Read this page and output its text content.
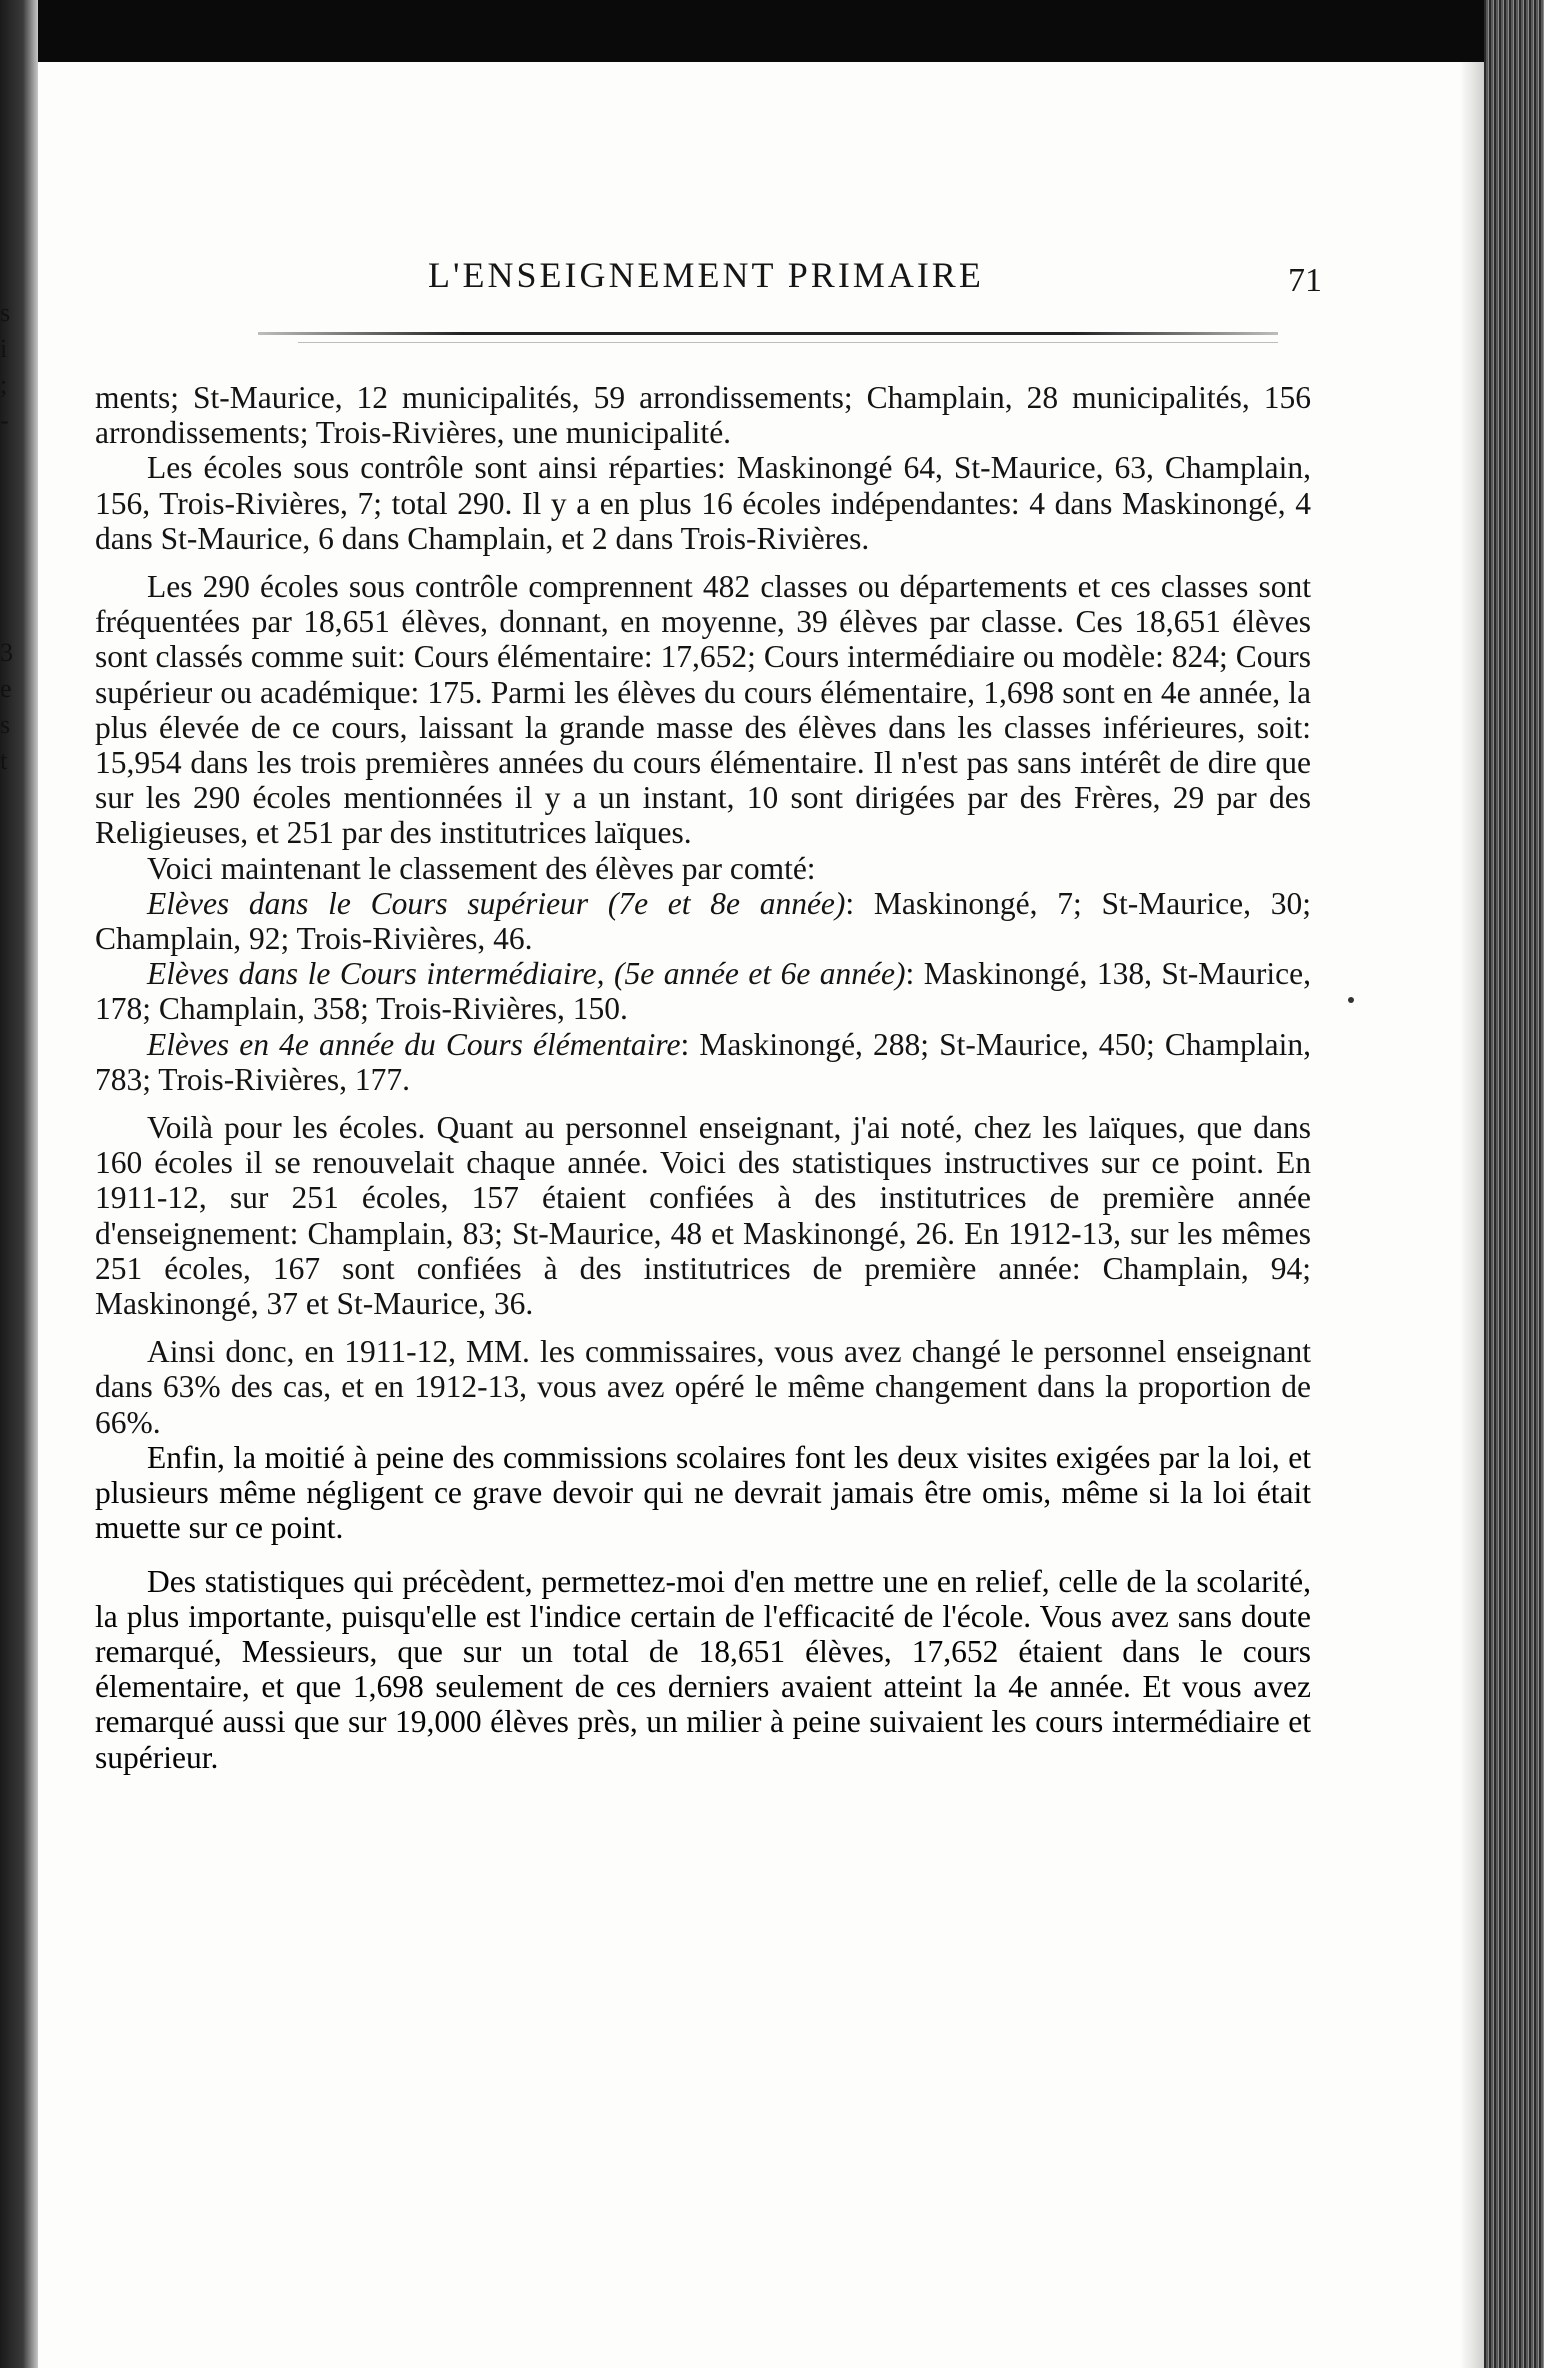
s
i
;
-
3
e
s
t
L'ENSEIGNEMENT PRIMAIRE	71

ments; St-Maurice, 12 municipalités, 59 arrondissements; Champlain, 28 municipalités, 156 arrondissements; Trois-Rivières, une municipalité.

Les écoles sous contrôle sont ainsi réparties: Maskinongé 64, St-Maurice, 63, Champlain, 156, Trois-Rivières, 7; total 290. Il y a en plus 16 écoles indépendantes: 4 dans Maskinongé, 4 dans St-Maurice, 6 dans Champlain, et 2 dans Trois-Rivières.

Les 290 écoles sous contrôle comprennent 482 classes ou départements et ces classes sont fréquentées par 18,651 élèves, donnant, en moyenne, 39 élèves par classe. Ces 18,651 élèves sont classés comme suit: Cours élémentaire: 17,652; Cours intermédiaire ou modèle: 824; Cours supérieur ou académique: 175. Parmi les élèves du cours élémentaire, 1,698 sont en 4e année, la plus élevée de ce cours, laissant la grande masse des élèves dans les classes inférieures, soit: 15,954 dans les trois premières années du cours élémentaire. Il n'est pas sans intérêt de dire que sur les 290 écoles mentionnées il y a un instant, 10 sont dirigées par des Frères, 29 par des Religieuses, et 251 par des institutrices laïques.

Voici maintenant le classement des élèves par comté:

Elèves dans le Cours supérieur (7e et 8e année): Maskinongé, 7; St-Maurice, 30; Champlain, 92; Trois-Rivières, 46.

Elèves dans le Cours intermédiaire, (5e année et 6e année): Maskinongé, 138, St-Maurice, 178; Champlain, 358; Trois-Rivières, 150.

Elèves en 4e année du Cours élémentaire: Maskinongé, 288; St-Maurice, 450; Champlain, 783; Trois-Rivières, 177.

Voilà pour les écoles. Quant au personnel enseignant, j'ai noté, chez les laïques, que dans 160 écoles il se renouvelait chaque année. Voici des statistiques instructives sur ce point. En 1911-12, sur 251 écoles, 157 étaient confiées à des institutrices de première année d'enseignement: Champlain, 83; St-Maurice, 48 et Maskinongé, 26. En 1912-13, sur les mêmes 251 écoles, 167 sont confiées à des institutrices de première année: Champlain, 94; Maskinongé, 37 et St-Maurice, 36.

Ainsi donc, en 1911-12, MM. les commissaires, vous avez changé le personnel enseignant dans 63% des cas, et en 1912-13, vous avez opéré le même changement dans la proportion de 66%.

Enfin, la moitié à peine des commissions scolaires font les deux visites exigées par la loi, et plusieurs même négligent ce grave devoir qui ne devrait jamais être omis, même si la loi était muette sur ce point.

Des statistiques qui précèdent, permettez-moi d'en mettre une en relief, celle de la scolarité, la plus importante, puisqu'elle est l'indice certain de l'efficacité de l'école. Vous avez sans doute remarqué, Messieurs, que sur un total de 18,651 élèves, 17,652 étaient dans le cours élementaire, et que 1,698 seulement de ces derniers avaient atteint la 4e année. Et vous avez remarqué aussi que sur 19,000 élèves près, un milier à peine suivaient les cours intermédiaire et supérieur.
